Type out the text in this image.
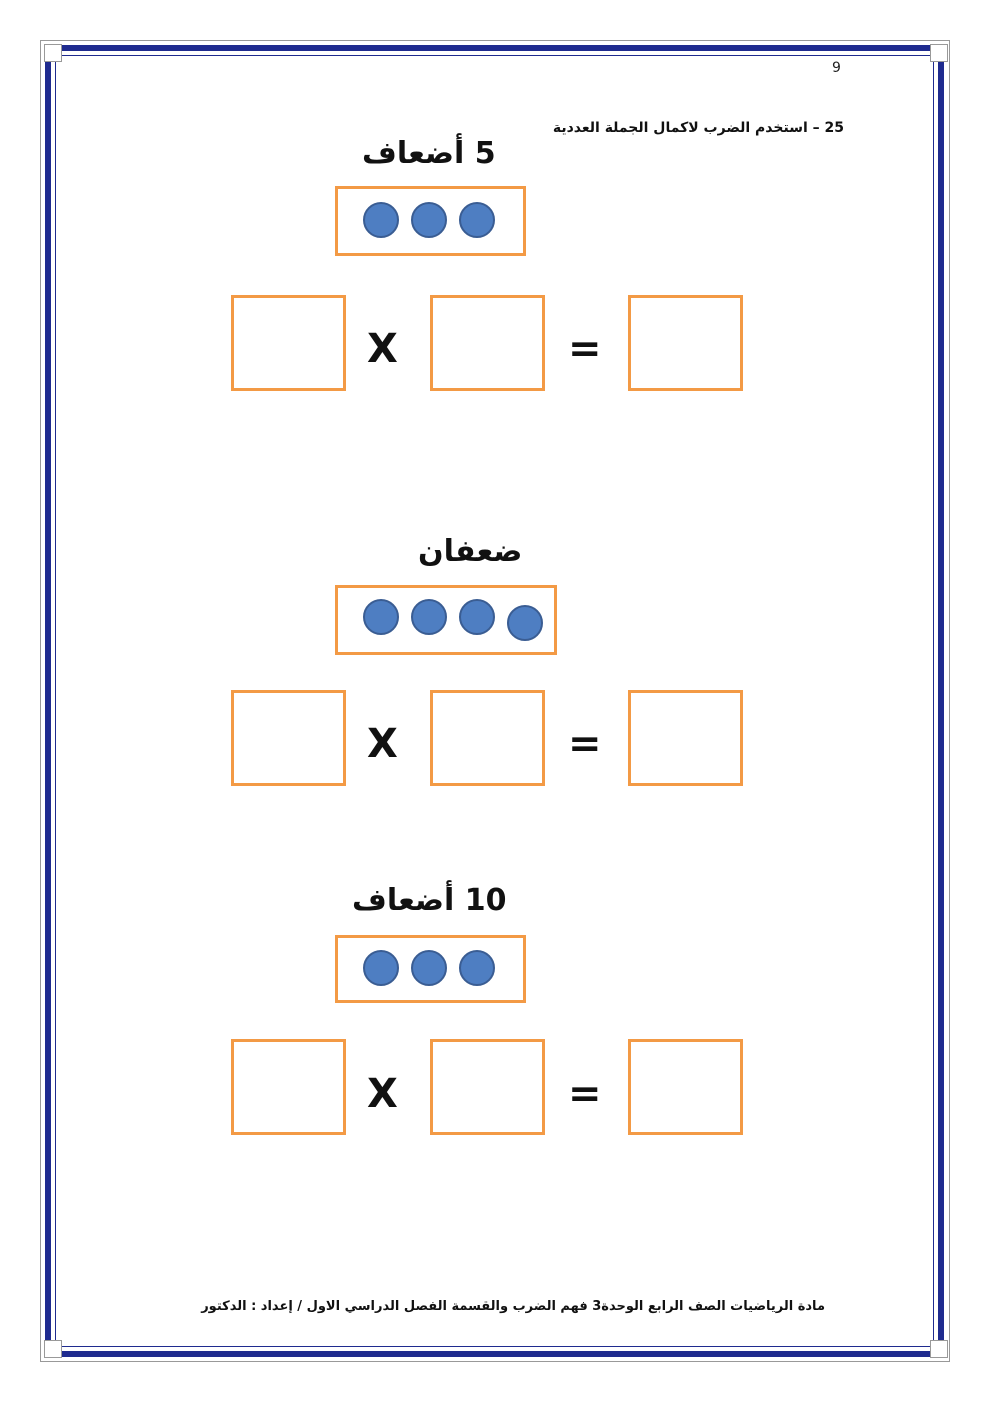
9
25 – استخدم الضرب لاكمال الجملة العددية
5 أضعاف
X	=
ضعفان
X	=
10 أضعاف
X	=
مادة الرياضيات الصف الرابع الوحدة3 فهم الضرب والقسمة الفصل الدراسي الاول / إعداد : الدكتور
